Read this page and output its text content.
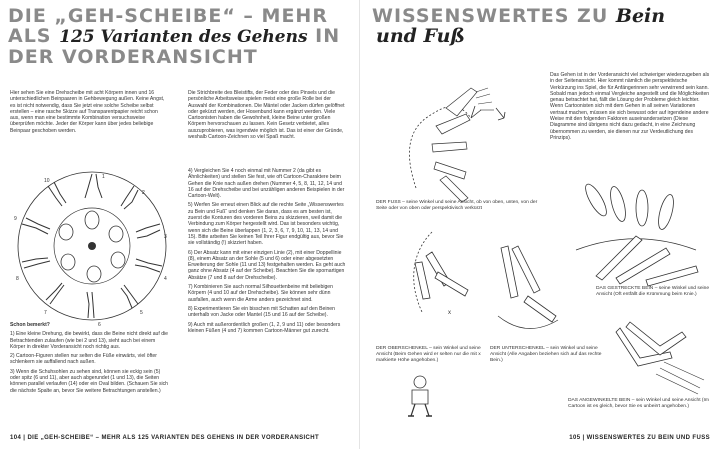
DIE „GEH-SCHEIBE“ – MEHR
ALS 125 Varianten des Gehens IN
DER VORDERANSICHT
Hier sehen Sie eine Drehscheibe mit acht Körpern innen und 16 unterschiedlichen Beinpaaren in Gehbewegung außen. Keine Angst, es ist nicht notwendig, dass Sie jetzt eine solche Scheibe selbst erstellen – eine rasche Skizze auf Transparentpapier reicht schon aus, wenn man eine bestimmte Kombination versuchsweise überprüfen möchte. Jeder der Körper kann über jedes beliebige Beinpaar geschoben werden.
Die Strichbreite des Bleistifts, der Feder oder des Pinsels und die persönliche Arbeitsweise spielen meist eine große Rolle bei der Auswahl der Kombinationen. Die Mäntel oder Jacken dürfen gelöffnet oder gekürzt werden, der Hosenbund kann ergänzt werden. Viele Cartoonisten haben die Gewohnheit, kleine Beine unter großen Körpern hervorschauen zu lassen. Kein Gesetz verbietet, alles auszuprobieren, was irgendwie möglich ist. Das ist einer der Gründe, weshalb Cartoon-Zeichnen so viel Spaß macht.
1
2
3
4
5
6
7
8
9
10

Schon bemerkt?

1) Eine kleine Drehung, die bewirkt, dass die Beine nicht direkt auf die Betrachtenden zulaufen (wie bei 2 und 13), sieht auch bei einem Körper in direkter Vorderansicht noch richtig aus.

2) Cartoon-Figuren stellen nur selten die Füße einwärts, viel öfter schlenkern sie auffallend nach außen.

3) Wenn die Schuhsohlen zu sehen sind, können sie eckig sein (5) oder spitz (6 und 11), aber auch abgerundet (1 und 13), die Seiten können parallel verlaufen (14) oder ein Oval bilden. (Schauen Sie sich die nächste Spalte an, bevor Sie weitere Betrachtungen anstellen.)

4) Vergleichen Sie 4 noch einmal mit Nummer 2 (da gibt es Ähnlichkeiten) und stellen Sie fest, wie oft Cartoon-Charaktere beim Gehen die Knie nach außen drehen (Nummer 4, 5, 8, 11, 12, 14 und 16 auf der Drehscheibe und bei unzähligen anderen Beispielen in der Cartoon-Welt).

5) Werfen Sie erneut einen Blick auf die rechte Seite „Wissenswertes zu Bein und Fuß“ und denken Sie daran, dass es am besten ist, zuerst die Konturen des vorderen Beins zu skizzieren, weil damit die Verbindung zum Körper hergestellt wird. Das ist besonders wichtig, wenn sich die Beine überlappen (1, 2, 3, 6, 7, 9, 10, 11, 13, 14 und 15). Bitte arbeiten Sie keinen Teil Ihrer Figur endgültig aus, bevor Sie sie vollständig (!) skizziert haben.

6) Der Absatz kann mit einer einzigen Linie (2), mit einer Doppellinie (8), einem Absatz an der Sohle (5 und 6) oder einer abgesetzten Erweiterung der Sohle (11 und 13) festgehalten werden. Es geht auch ganz ohne Absatz (4 auf der Scheibe). Beachten Sie die spornartigen Absätze (7 und 8 auf der Drehscheibe).

7) Kombinieren Sie auch normal Silhouettenbeine mit beliebigen Körpern (4 und 10 auf der Drehscheibe). Sie können sehr dünn ausfallen, auch wenn die Arme anders gezeichnet sind.

8) Experimentieren Sie ein bisschen mit Schatten auf den Beinen unterhalb von Jacke oder Mantel (15 und 16 auf der Scheibe).

9) Auch mit außerordentlich großen (1, 2, 9 und 11) oder besonders kleinen Füßen (4 und 7) kommen Cartoon-Männer gut zurecht.

104 | DIE „GEH-SCHEIBE“ – MEHR ALS 125 VARIANTEN DES GEHENS IN DER VORDERANSICHT
WISSENSWERTES ZU Bein
und Fuß
Das Gehen ist in der Vorderansicht viel schwieriger wiederzugeben als in der Seitenansicht. Hier kommt nämlich die perspektivische Verkürzung ins Spiel, die für Anfängerinnen sehr verwirrend sein kann. Sobald man jedoch einmal Vergleiche angestellt und die Möglichkeiten genau betrachtet hat, fällt die Lösung der Probleme gleich leichter. Wenn Cartoonisten sich mit dem Gehen in all seinen Variationen vertraut machen, müssen sie sich bewusst oder auf irgendeine andere Weise mit den folgenden Faktoren auseinandersetzen (Diese Diagramme sind übrigens nicht dazu gedacht, in eine Zeichnung übernommen zu werden, sie dienen nur zur Verdeutlichung des Prinzips).
DER FUSS – seine Winkel und seine Ansicht, ob von oben, unten, von der Seite oder von oben oder perspektivisch verkürzt
x
DAS GESTRECKTE BEIN – seine Winkel und seine Ansicht (Oft entfällt die Krümmung beim Knie.)
DER OBERSCHENKEL – sein Winkel und seine Ansicht (Beim Gehen wird er selten nur die mit x markierte Höhe angehoben.)
DER UNTERSCHENKEL – sein Winkel und seine Ansicht (Alle Angaben beziehen sich auf das rechte Bein.)
DAS ANGEWINKELTE BEIN – sein Winkel und seine Ansicht (Im Cartoon ist es gleich, bevor Sie es unbeirrt angehoben.)
105 | WISSENSWERTES ZU BEIN UND FUSS
